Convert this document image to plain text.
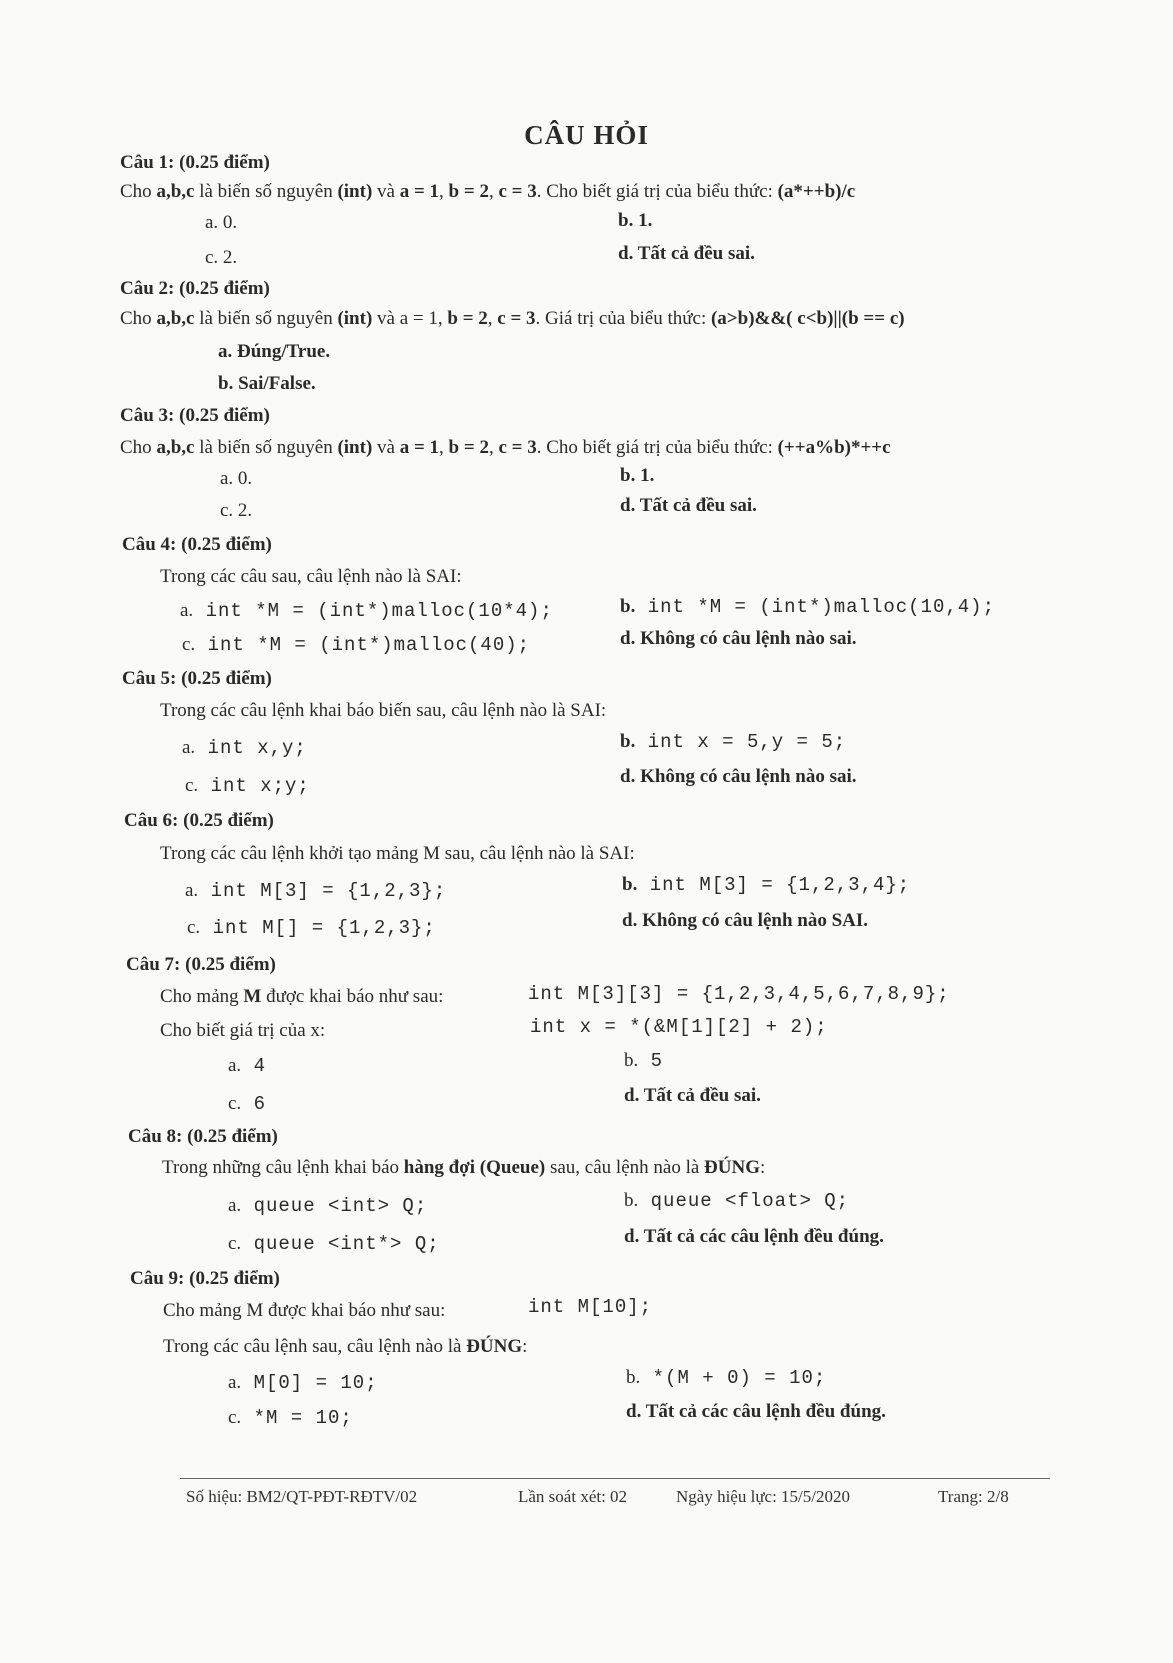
CÂU HỎI
Câu 1: (0.25 điểm)
Cho a,b,c là biến số nguyên (int) và a = 1, b = 2, c = 3. Cho biết giá trị của biểu thức: (a*++b)/c
a. 0.	b. 1.
c. 2.	d. Tất cả đều sai.
Câu 2: (0.25 điểm)
Cho a,b,c là biến số nguyên (int) và a = 1, b = 2, c = 3. Giá trị của biểu thức: (a>b)&&( c<b)||(b == c)
a. Đúng/True.
b. Sai/False.
Câu 3: (0.25 điểm)
Cho a,b,c là biến số nguyên (int) và a = 1, b = 2, c = 3. Cho biết giá trị của biểu thức: (++a%b)*++c
a. 0.	b. 1.
c. 2.	d. Tất cả đều sai.
Câu 4: (0.25 điểm)
Trong các câu sau, câu lệnh nào là SAI:
a. int *M = (int*)malloc(10*4);	b. int *M = (int*)malloc(10,4);
c. int *M = (int*)malloc(40);	d. Không có câu lệnh nào sai.
Câu 5: (0.25 điểm)
Trong các câu lệnh khai báo biến sau, câu lệnh nào là SAI:
a. int x,y;	b. int x = 5,y = 5;
c. int x;y;	d. Không có câu lệnh nào sai.
Câu 6: (0.25 điểm)
Trong các câu lệnh khởi tạo mảng M sau, câu lệnh nào là SAI:
a. int M[3] = {1,2,3};	b. int M[3] = {1,2,3,4};
c. int M[] = {1,2,3};	d. Không có câu lệnh nào SAI.
Câu 7: (0.25 điểm)
Cho mảng M được khai báo như sau:	int M[3][3] = {1,2,3,4,5,6,7,8,9};
Cho biết giá trị của x:	int x = *(&M[1][2] + 2);
a. 4	b. 5
c. 6	d. Tất cả đều sai.
Câu 8: (0.25 điểm)
Trong những câu lệnh khai báo hàng đợi (Queue) sau, câu lệnh nào là ĐÚNG:
a. queue <int> Q;	b. queue <float> Q;
c. queue <int*> Q;	d. Tất cả các câu lệnh đều đúng.
Câu 9: (0.25 điểm)
Cho mảng M được khai báo như sau:	int M[10];
Trong các câu lệnh sau, câu lệnh nào là ĐÚNG:
a. M[0] = 10;	b. *(M + 0) = 10;
c. *M = 10;	d. Tất cả các câu lệnh đều đúng.
Số hiệu: BM2/QT-PĐT-RĐTV/02	Lần soát xét: 02	Ngày hiệu lực: 15/5/2020	Trang: 2/8
